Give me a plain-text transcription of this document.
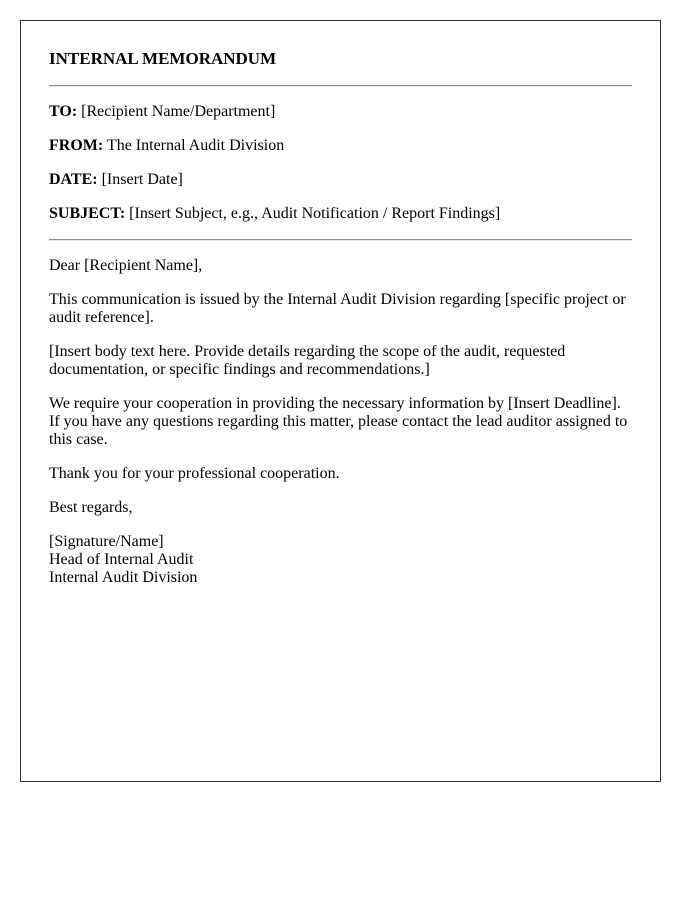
INTERNAL MEMORANDUM

TO: [Recipient Name/Department]

FROM: The Internal Audit Division

DATE: [Insert Date]

SUBJECT: [Insert Subject, e.g., Audit Notification / Report Findings]

Dear [Recipient Name],

This communication is issued by the Internal Audit Division regarding [specific project or audit reference].

[Insert body text here. Provide details regarding the scope of the audit, requested documentation, or specific findings and recommendations.]

We require your cooperation in providing the necessary information by [Insert Deadline]. If you have any questions regarding this matter, please contact the lead auditor assigned to this case.

Thank you for your professional cooperation.

Best regards,

[Signature/Name]
Head of Internal Audit
Internal Audit Division
